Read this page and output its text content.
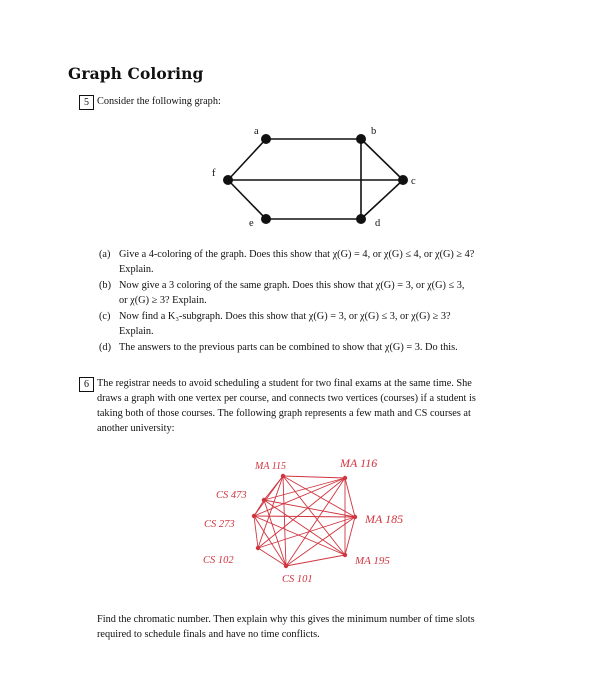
Graph Coloring
5 Consider the following graph:
a	b
c
d
e
f
MA 115	MA 116
CS 473
CS 273	MA 185
CS 102	MA 195
CS 101
(a) Give a 4-coloring of the graph. Does this show that χ(G) = 4, or χ(G) ≤ 4, or χ(G) ≥ 4?
Explain.
(b) Now give a 3 coloring of the same graph. Does this show that χ(G) = 3, or χ(G) ≤ 3,
or χ(G) ≥ 3? Explain.
(c) Now find a K₃-subgraph. Does this show that χ(G) = 3, or χ(G) ≤ 3, or χ(G) ≥ 3?
Explain.
(d) The answers to the previous parts can be combined to show that χ(G) = 3. Do this.
6 The registrar needs to avoid scheduling a student for two final exams at the same time. She
draws a graph with one vertex per course, and connects two vertices (courses) if a student is
taking both of those courses. The following graph represents a few math and CS courses at
another university:
Find the chromatic number. Then explain why this gives the minimum number of time slots
required to schedule finals and have no time conflicts.
